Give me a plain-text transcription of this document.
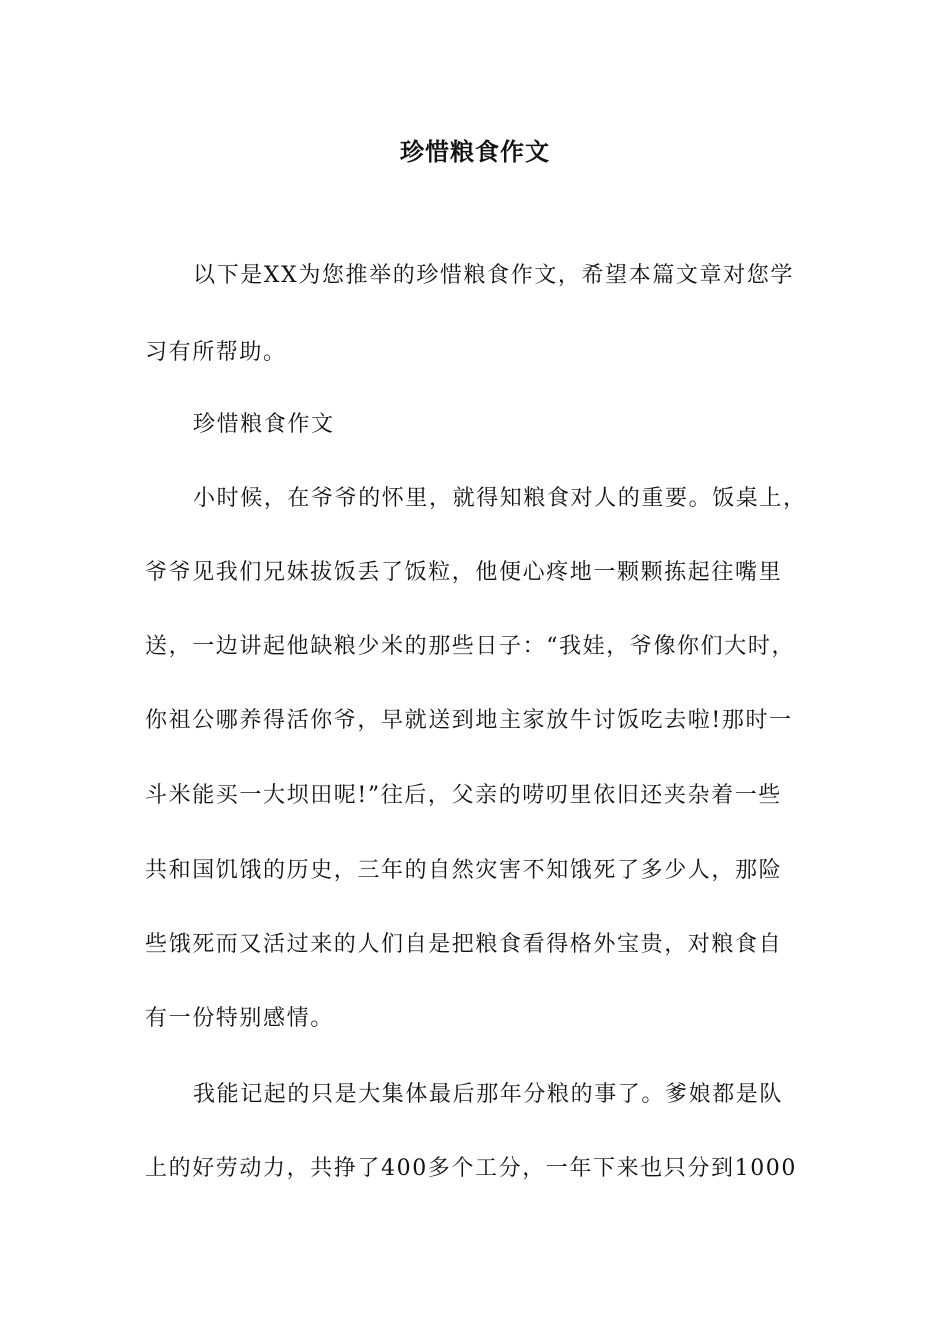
珍惜粮食作文
以下是XX为您推举的珍惜粮食作文，希望本篇文章对您学
习有所帮助。
珍惜粮食作文
小时候，在爷爷的怀里，就得知粮食对人的重要。饭桌上，
爷爷见我们兄妹拔饭丢了饭粒，他便心疼地一颗颗拣起往嘴里
送，一边讲起他缺粮少米的那些日子：“我娃，爷像你们大时，
你祖公哪养得活你爷，早就送到地主家放牛讨饭吃去啦!那时一
斗米能买一大坝田呢!”往后，父亲的唠叨里依旧还夹杂着一些
共和国饥饿的历史，三年的自然灾害不知饿死了多少人，那险
些饿死而又活过来的人们自是把粮食看得格外宝贵，对粮食自
有一份特别感情。
我能记起的只是大集体最后那年分粮的事了。爹娘都是队
上的好劳动力，共挣了400多个工分，一年下来也只分到1000
